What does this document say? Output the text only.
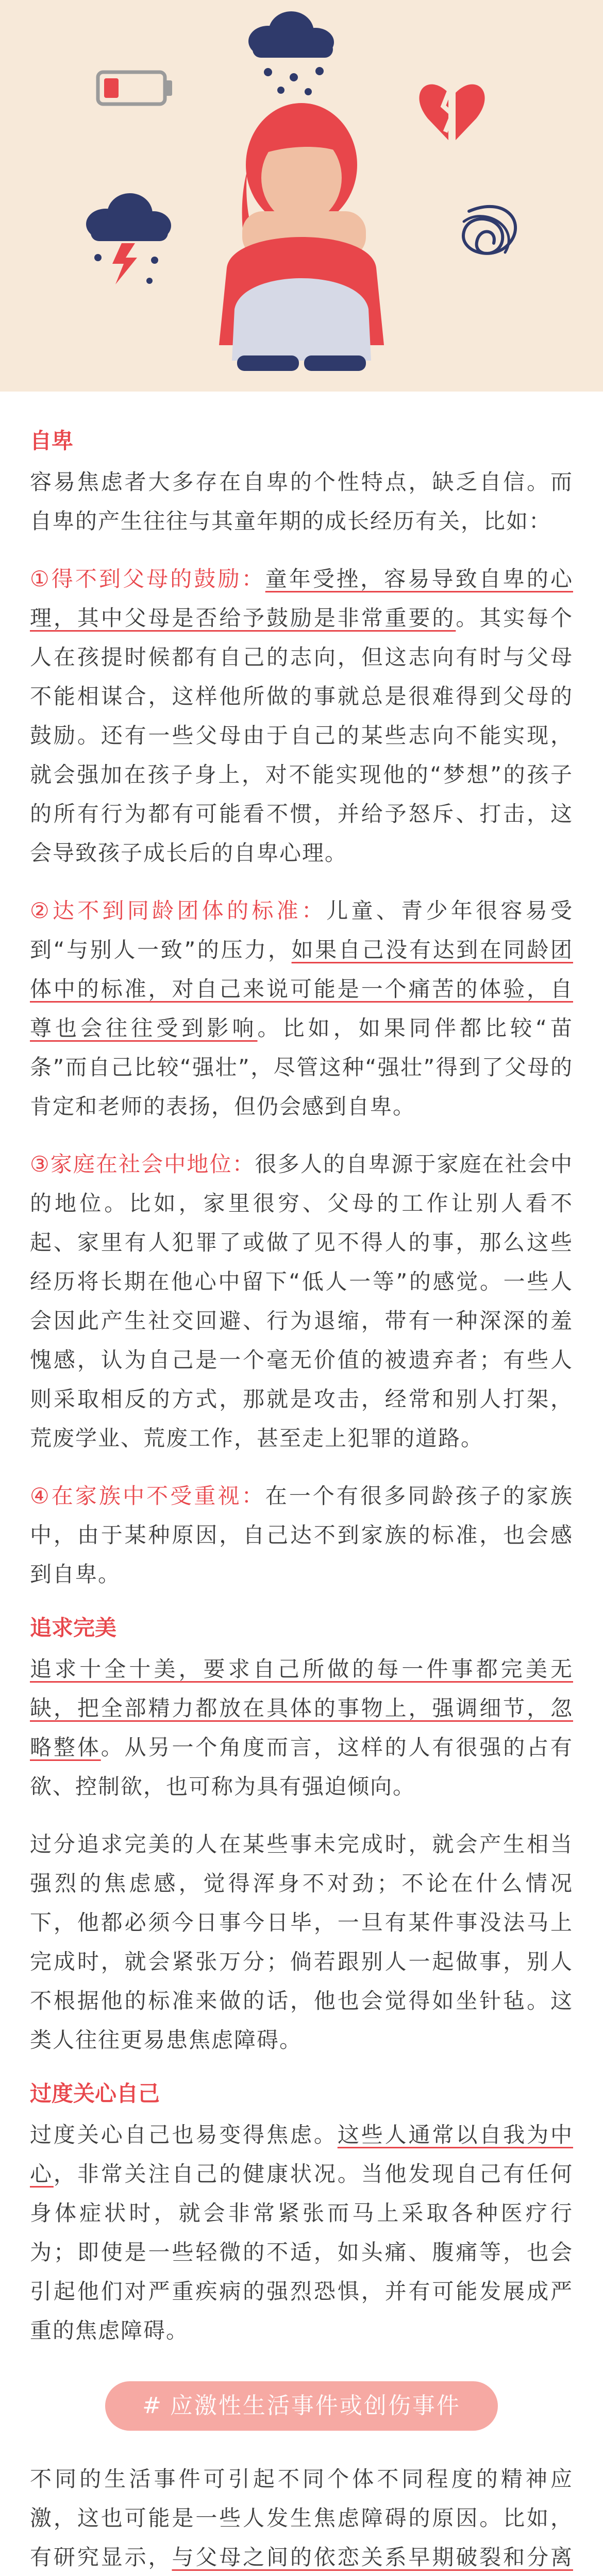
自卑

容易焦虑者大多存在自卑的个性特点，缺乏自信。而自卑的产生往往与其童年期的成长经历有关，比如：

①得不到父母的鼓励：童年受挫，容易导致自卑的心理，其中父母是否给予鼓励是非常重要的。其实每个人在孩提时候都有自己的志向，但这志向有时与父母不能相谋合，这样他所做的事就总是很难得到父母的鼓励。还有一些父母由于自己的某些志向不能实现，就会强加在孩子身上，对不能实现他的“梦想”的孩子的所有行为都有可能看不惯，并给予怒斥、打击，这会导致孩子成长后的自卑心理。

②达不到同龄团体的标准：儿童、青少年很容易受到“与别人一致”的压力，如果自己没有达到在同龄团体中的标准，对自己来说可能是一个痛苦的体验，自尊也会往往受到影响。比如，如果同伴都比较“苗条”而自己比较“强壮”，尽管这种“强壮”得到了父母的肯定和老师的表扬，但仍会感到自卑。

③家庭在社会中地位：很多人的自卑源于家庭在社会中的地位。比如，家里很穷、父母的工作让别人看不起、家里有人犯罪了或做了见不得人的事，那么这些经历将长期在他心中留下“低人一等”的感觉。一些人会因此产生社交回避、行为退缩，带有一种深深的羞愧感，认为自己是一个毫无价值的被遗弃者；有些人则采取相反的方式，那就是攻击，经常和别人打架，荒废学业、荒废工作，甚至走上犯罪的道路。

④在家族中不受重视：在一个有很多同龄孩子的家族中，由于某种原因，自己达不到家族的标准，也会感到自卑。

追求完美

追求十全十美，要求自己所做的每一件事都完美无缺，把全部精力都放在具体的事物上，强调细节，忽略整体。从另一个角度而言，这样的人有很强的占有欲、控制欲，也可称为具有强迫倾向。

过分追求完美的人在某些事未完成时，就会产生相当强烈的焦虑感，觉得浑身不对劲；不论在什么情况下，他都必须今日事今日毕，一旦有某件事没法马上完成时，就会紧张万分；倘若跟别人一起做事，别人不根据他的标准来做的话，他也会觉得如坐针毡。这类人往往更易患焦虑障碍。

过度关心自己

过度关心自己也易变得焦虑。这些人通常以自我为中心，非常关注自己的健康状况。当他发现自己有任何身体症状时，就会非常紧张而马上采取各种医疗行为；即使是一些轻微的不适，如头痛、腹痛等，也会引起他们对严重疾病的强烈恐惧，并有可能发展成严重的焦虑障碍。

# 应激性生活事件或创伤事件

不同的生活事件可引起不同个体不同程度的精神应激，这也可能是一些人发生焦虑障碍的原因。比如，有研究显示，与父母之间的依恋关系早期破裂和分离
